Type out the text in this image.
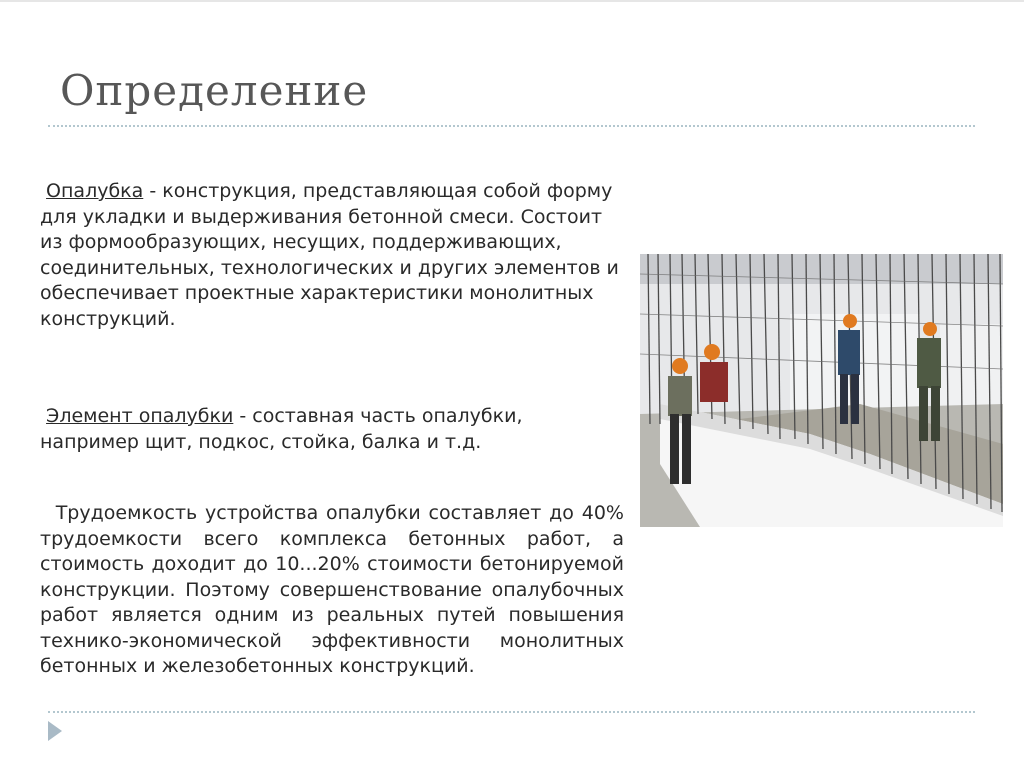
Определение
Опалубка - конструкция, представляющая собой форму для укладки и выдерживания бетонной смеси. Состоит из формообразующих, несущих, поддерживающих, соединительных, технологических и других элементов и обеспечивает проектные характеристики монолитных конструкций.
Элемент опалубки - составная часть опалубки, например щит, подкос, стойка, балка и т.д.
Трудоемкость устройства опалубки составляет до 40% трудоемкости всего комплекса бетонных работ, а стоимость доходит до 10...20% стоимости бетонируемой конструкции. Поэтому совершенствование опалубочных работ является одним из реальных путей повышения технико-экономической эффективности монолитных бетонных и железобетонных конструкций.
